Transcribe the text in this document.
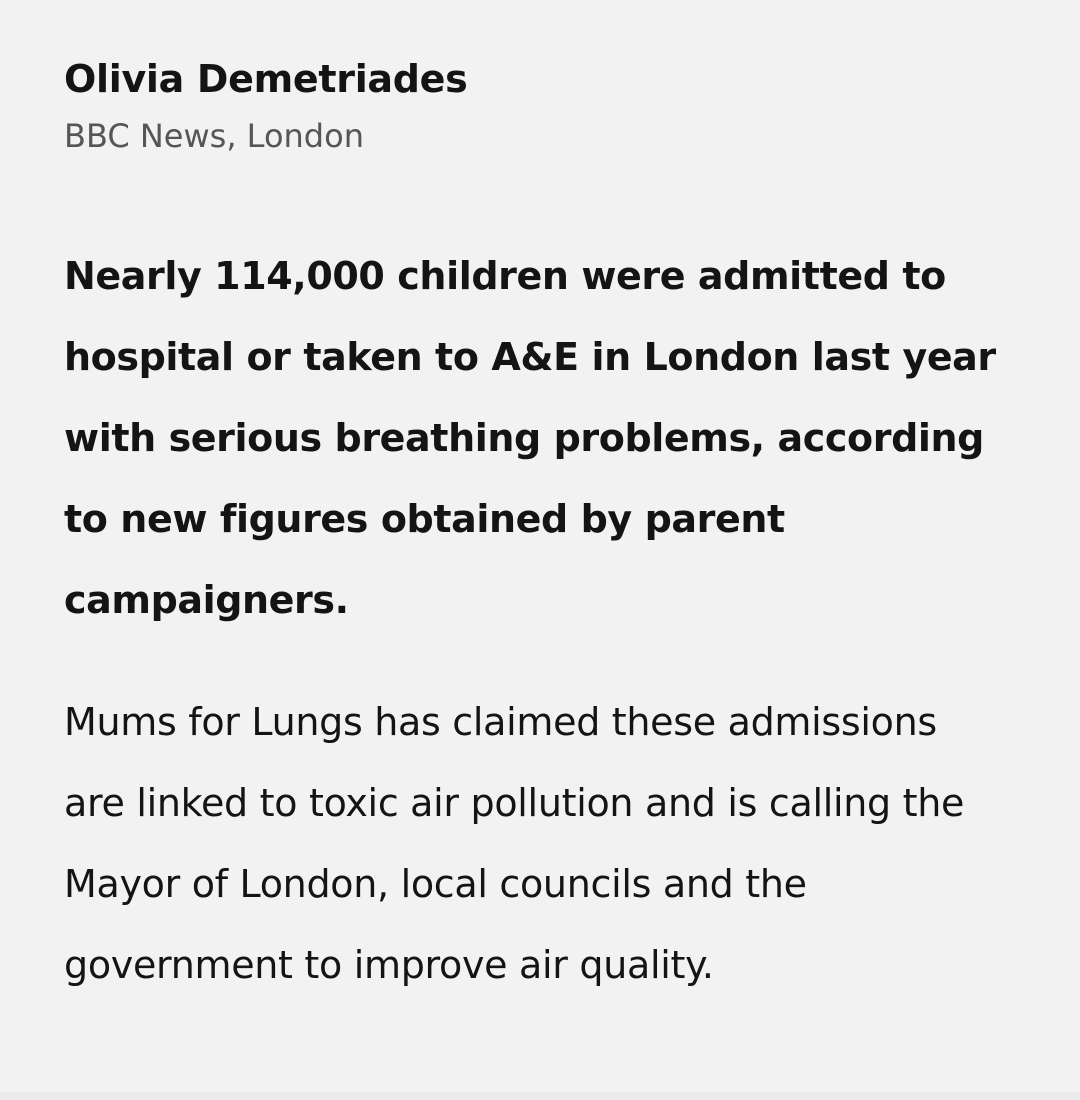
Olivia Demetriades

BBC News, London

Nearly 114,000 children were admitted to hospital or taken to A&E in London last year with serious breathing problems, according to new figures obtained by parent campaigners.

Mums for Lungs has claimed these admissions are linked to toxic air pollution and is calling the Mayor of London, local councils and the government to improve air quality.
